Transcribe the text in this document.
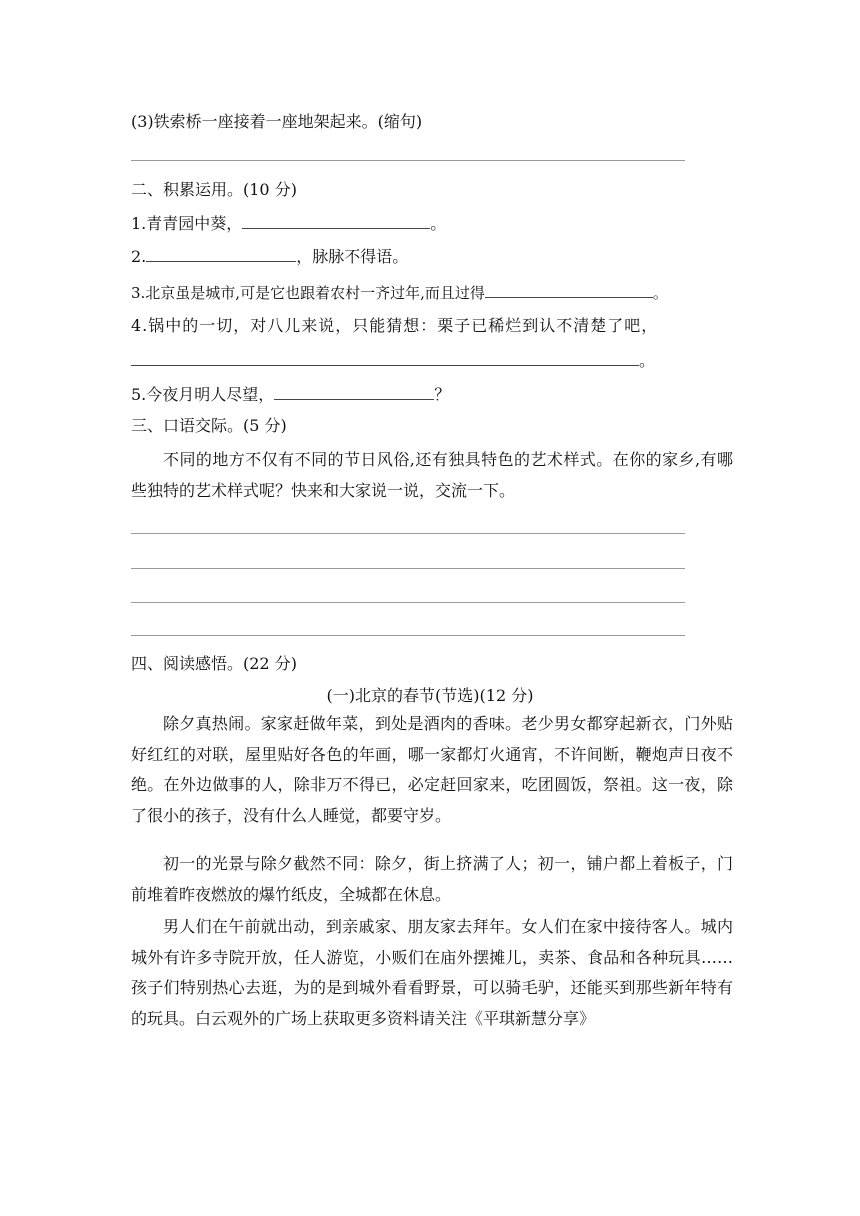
(3)铁索桥一座接着一座地架起来。(缩句)
二、积累运用。(10 分)
1.青青园中葵，	。
2.	，脉脉不得语。
3.北京虽是城市,可是它也跟着农村一齐过年,而且过得	。
4.锅中的一切，对八儿来说，只能猜想：栗子已稀烂到认不清楚了吧，
。
5.今夜月明人尽望，	？
三、口语交际。(5 分)
不同的地方不仅有不同的节日风俗,还有独具特色的艺术样式。在你的家乡,有哪些独特的艺术样式呢？快来和大家说一说，交流一下。
四、阅读感悟。(22 分)
(一)北京的春节(节选)(12 分)
除夕真热闹。家家赶做年菜，到处是酒肉的香味。老少男女都穿起新衣，门外贴好红红的对联，屋里贴好各色的年画，哪一家都灯火通宵，不许间断，鞭炮声日夜不绝。在外边做事的人，除非万不得已，必定赶回家来，吃团圆饭，祭祖。这一夜，除了很小的孩子，没有什么人睡觉，都要守岁。
初一的光景与除夕截然不同：除夕，街上挤满了人；初一，铺户都上着板子，门前堆着昨夜燃放的爆竹纸皮，全城都在休息。
男人们在午前就出动，到亲戚家、朋友家去拜年。女人们在家中接待客人。城内城外有许多寺院开放，任人游览，小贩们在庙外摆摊儿，卖茶、食品和各种玩具……孩子们特别热心去逛，为的是到城外看看野景，可以骑毛驴，还能买到那些新年特有的玩具。白云观外的广场上获取更多资料请关注《平琪新慧分享》
